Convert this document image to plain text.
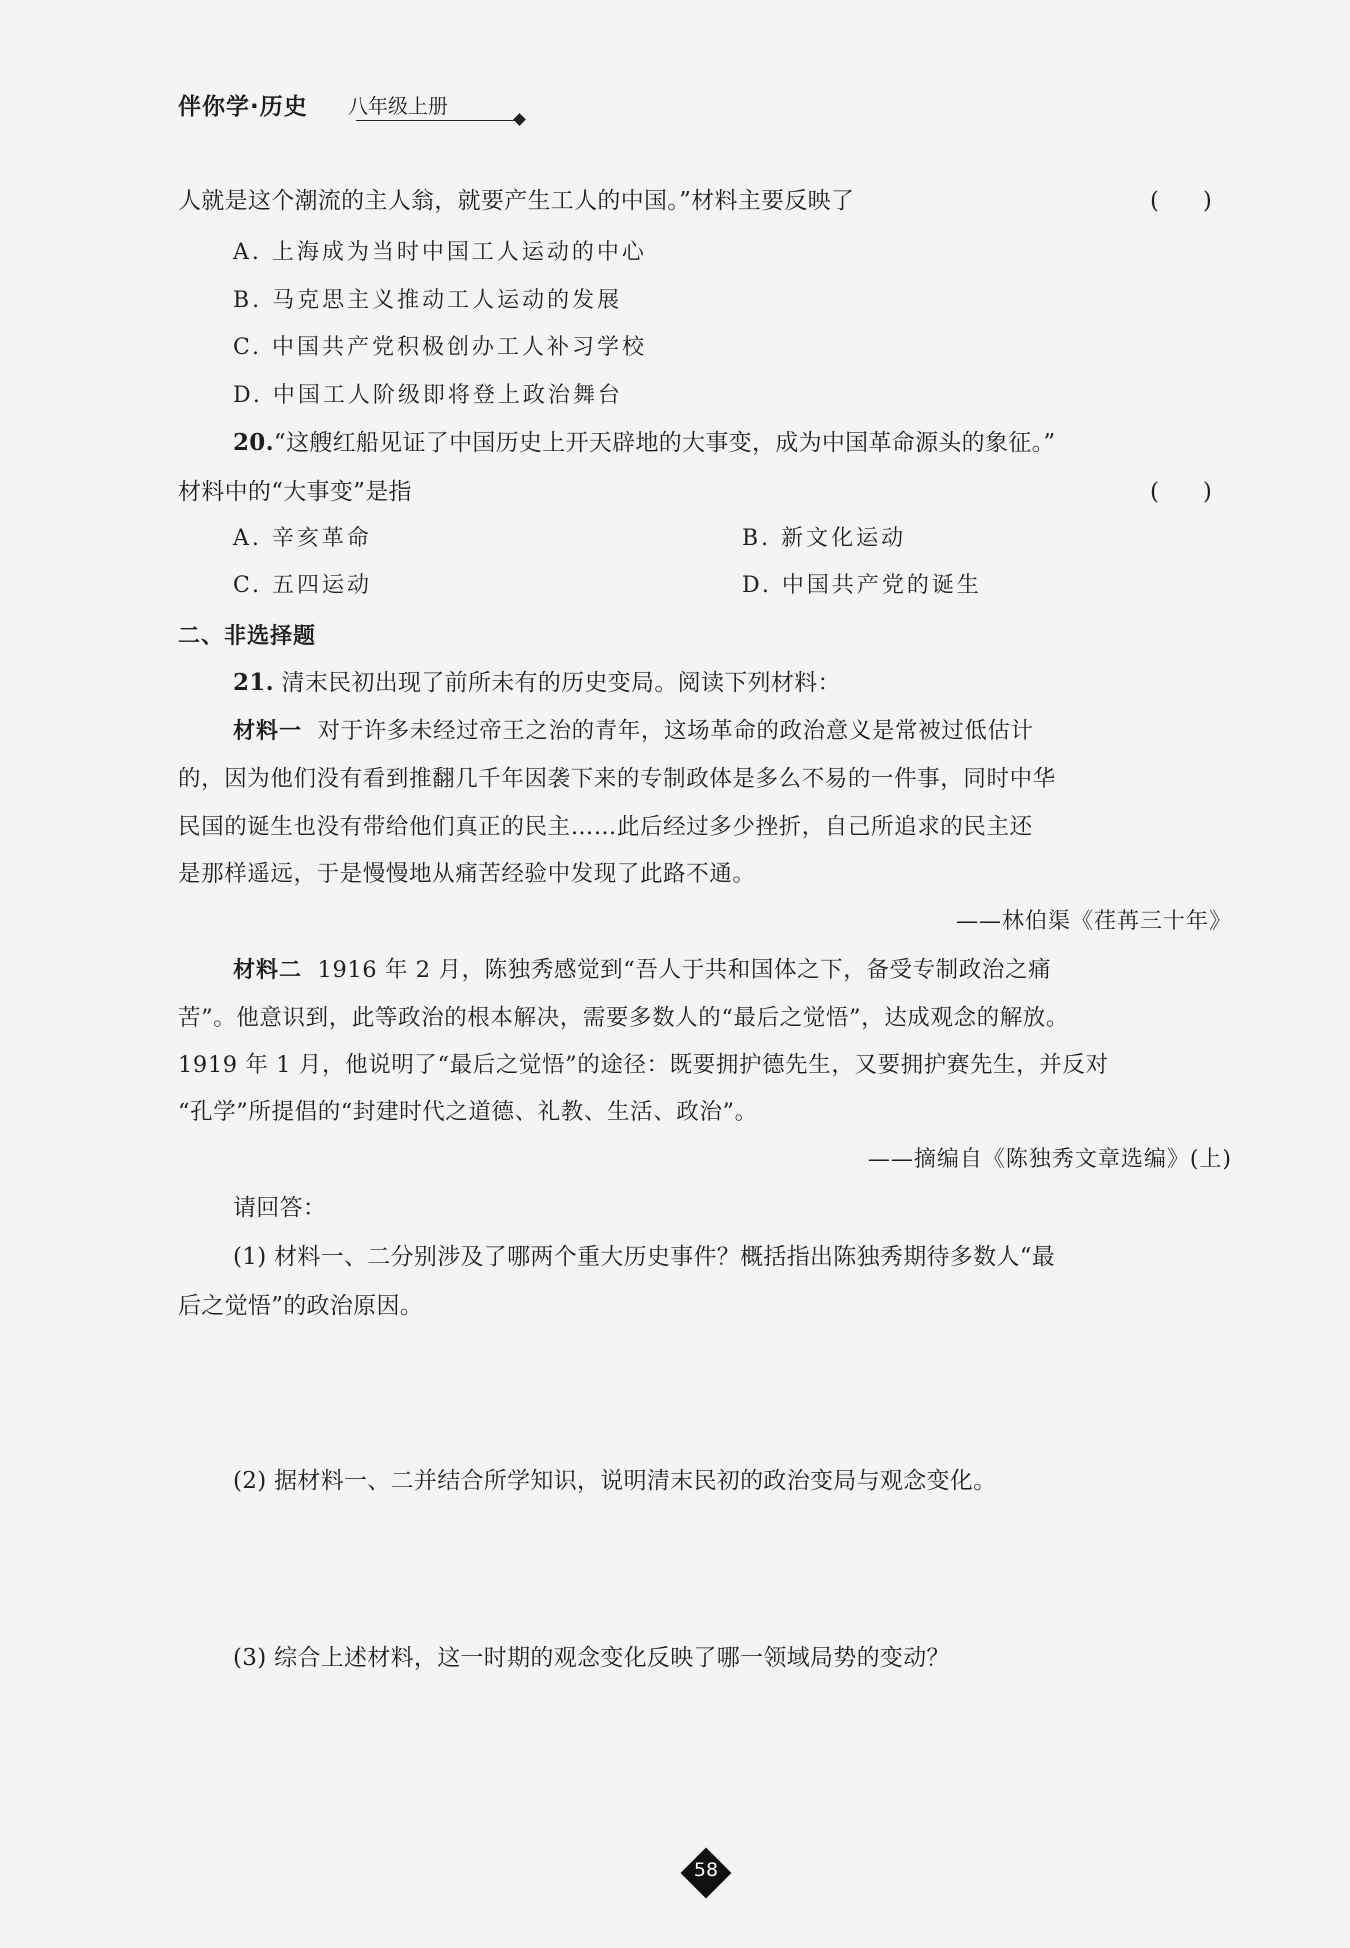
伴你学·历史 八年级上册
人就是这个潮流的主人翁，就要产生工人的中国。”材料主要反映了	(      )
A. 上海成为当时中国工人运动的中心
B. 马克思主义推动工人运动的发展
C. 中国共产党积极创办工人补习学校
D. 中国工人阶级即将登上政治舞台
20.“这艘红船见证了中国历史上开天辟地的大事变，成为中国革命源头的象征。”
材料中的“大事变”是指	(      )
A. 辛亥革命	B. 新文化运动
C. 五四运动	D. 中国共产党的诞生
二、非选择题
21. 清末民初出现了前所未有的历史变局。阅读下列材料：
材料一 对于许多未经过帝王之治的青年，这场革命的政治意义是常被过低估计
的，因为他们没有看到推翻几千年因袭下来的专制政体是多么不易的一件事，同时中华
民国的诞生也没有带给他们真正的民主……此后经过多少挫折，自己所追求的民主还
是那样遥远，于是慢慢地从痛苦经验中发现了此路不通。
——林伯渠《荏苒三十年》
材料二 1916 年 2 月，陈独秀感觉到“吾人于共和国体之下，备受专制政治之痛
苦”。他意识到，此等政治的根本解决，需要多数人的“最后之觉悟”，达成观念的解放。
1919 年 1 月，他说明了“最后之觉悟”的途径：既要拥护德先生，又要拥护赛先生，并反对
“孔学”所提倡的“封建时代之道德、礼教、生活、政治”。
——摘编自《陈独秀文章选编》(上)
请回答：
(1) 材料一、二分别涉及了哪两个重大历史事件？概括指出陈独秀期待多数人“最
后之觉悟”的政治原因。
(2) 据材料一、二并结合所学知识，说明清末民初的政治变局与观念变化。
(3) 综合上述材料，这一时期的观念变化反映了哪一领域局势的变动？
58
